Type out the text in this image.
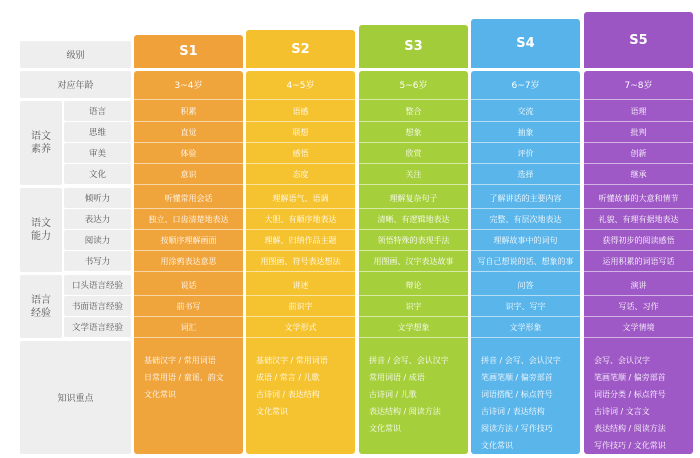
级别
对应年龄
语文
素养
语文
能力
语言
经验
语言
思维
审美
文化
倾听力
表达力
阅读力
书写力
口头语言经验
书面语言经验
文学语言经验
知识重点
S1
3~4岁
积累
直觉
体验
意识
听懂常用会话
独立、口齿清楚地表达
按顺序理解画面
用涂鸦表达意思
说话
前书写
词汇
基础汉字 / 常用词语
日常用语 / 童谣、韵文
文化常识
S2
4~5岁
语感
联想
感悟
态度
理解语气、语调
大胆、有顺序地表达
理解、归纳作品主题
用图画、符号表达想法
讲述
前识字
文学形式
基础汉字 / 常用词语
成语 / 常言 / 儿歌
古诗词 / 表达结构
文化常识
S3
5~6岁
整合
想象
欣赏
关注
理解复杂句子
清晰、有逻辑地表达
领悟特殊的表现手法
用图画、汉字表达故事
辩论
识字
文学想象
拼音 / 会写、会认汉字
常用词语 / 成语
古诗词 / 儿歌
表达结构 / 阅读方法
文化常识
S4
6~7岁
交流
抽象
评价
选择
了解讲话的主要内容
完整、有层次地表达
理解故事中的词句
写自己想说的话、想象的事
问答
识字、写字
文学形象
拼音 / 会写、会认汉字
笔画笔顺 / 偏旁部首
词语搭配 / 标点符号
古诗词 / 表达结构
阅读方法 / 写作技巧
文化常识
S5
7~8岁
语理
批判
创新
继承
听懂故事的大意和情节
礼貌、有理有据地表达
获得初步的阅读感悟
运用积累的词语写话
演讲
写话、习作
文学情境
会写、会认汉字
笔画笔顺 / 偏旁部首
词语分类 / 标点符号
古诗词 / 文言文
表达结构 / 阅读方法
写作技巧 / 文化常识
